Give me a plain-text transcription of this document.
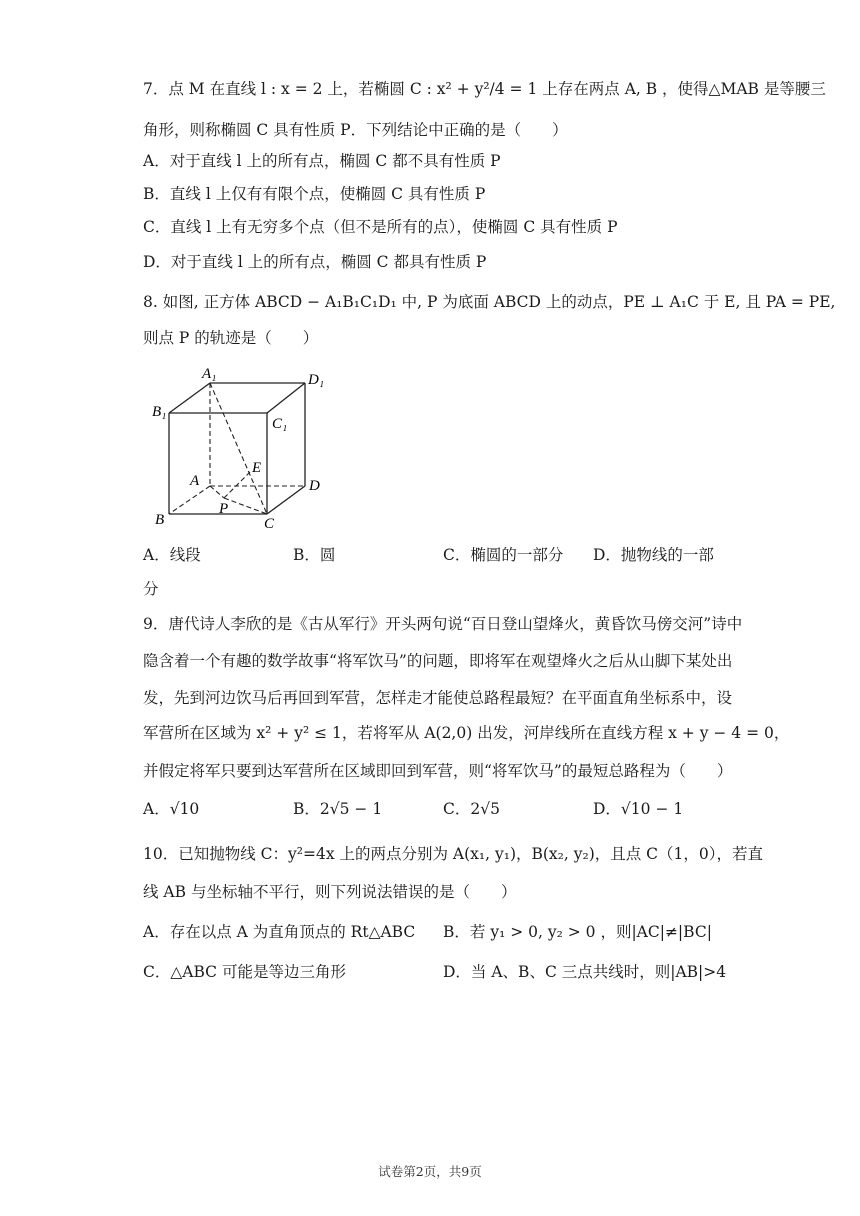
7．点 M 在直线 l : x = 2 上，若椭圆 C : x² + y²/4 = 1 上存在两点 A, B ，使得△MAB 是等腰三
角形，则称椭圆 C 具有性质 P．下列结论中正确的是（　　）
A．对于直线 l 上的所有点，椭圆 C 都不具有性质 P
B．直线 l 上仅有有限个点，使椭圆 C 具有性质 P
C．直线 l 上有无穷多个点（但不是所有的点），使椭圆 C 具有性质 P
D．对于直线 l 上的所有点，椭圆 C 都具有性质 P
8. 如图, 正方体 ABCD − A₁B₁C₁D₁ 中, P 为底面 ABCD 上的动点，PE ⊥ A₁C 于 E, 且 PA = PE,
则点 P 的轨迹是（　　）
A₁	D₁
B₁
C₁
E
A	D
P
B	C
A．线段	B．圆	C．椭圆的一部分 D．抛物线的一部
分
9．唐代诗人李欣的是《古从军行》开头两句说“百日登山望烽火，黄昏饮马傍交河”诗中
隐含着一个有趣的数学故事“将军饮马”的问题，即将军在观望烽火之后从山脚下某处出
发，先到河边饮马后再回到军营，怎样走才能使总路程最短？在平面直角坐标系中，设
军营所在区域为 x² + y² ≤ 1，若将军从 A(2,0) 出发，河岸线所在直线方程 x + y − 4 = 0，
并假定将军只要到达军营所在区域即回到军营，则“将军饮马”的最短总路程为（　　）
A．√10	B．2√5 − 1	C．2√5	D．√10 − 1
10．已知抛物线 C：y²=4x 上的两点分别为 A(x₁, y₁)，B(x₂, y₂)，且点 C（1，0），若直
线 AB 与坐标轴不平行，则下列说法错误的是（　　）
A．存在以点 A 为直角顶点的 Rt△ABC B．若 y₁ > 0, y₂ > 0 ，则|AC|≠|BC|
C．△ABC 可能是等边三角形	D．当 A、B、C 三点共线时，则|AB|>4
试卷第2页，共9页
